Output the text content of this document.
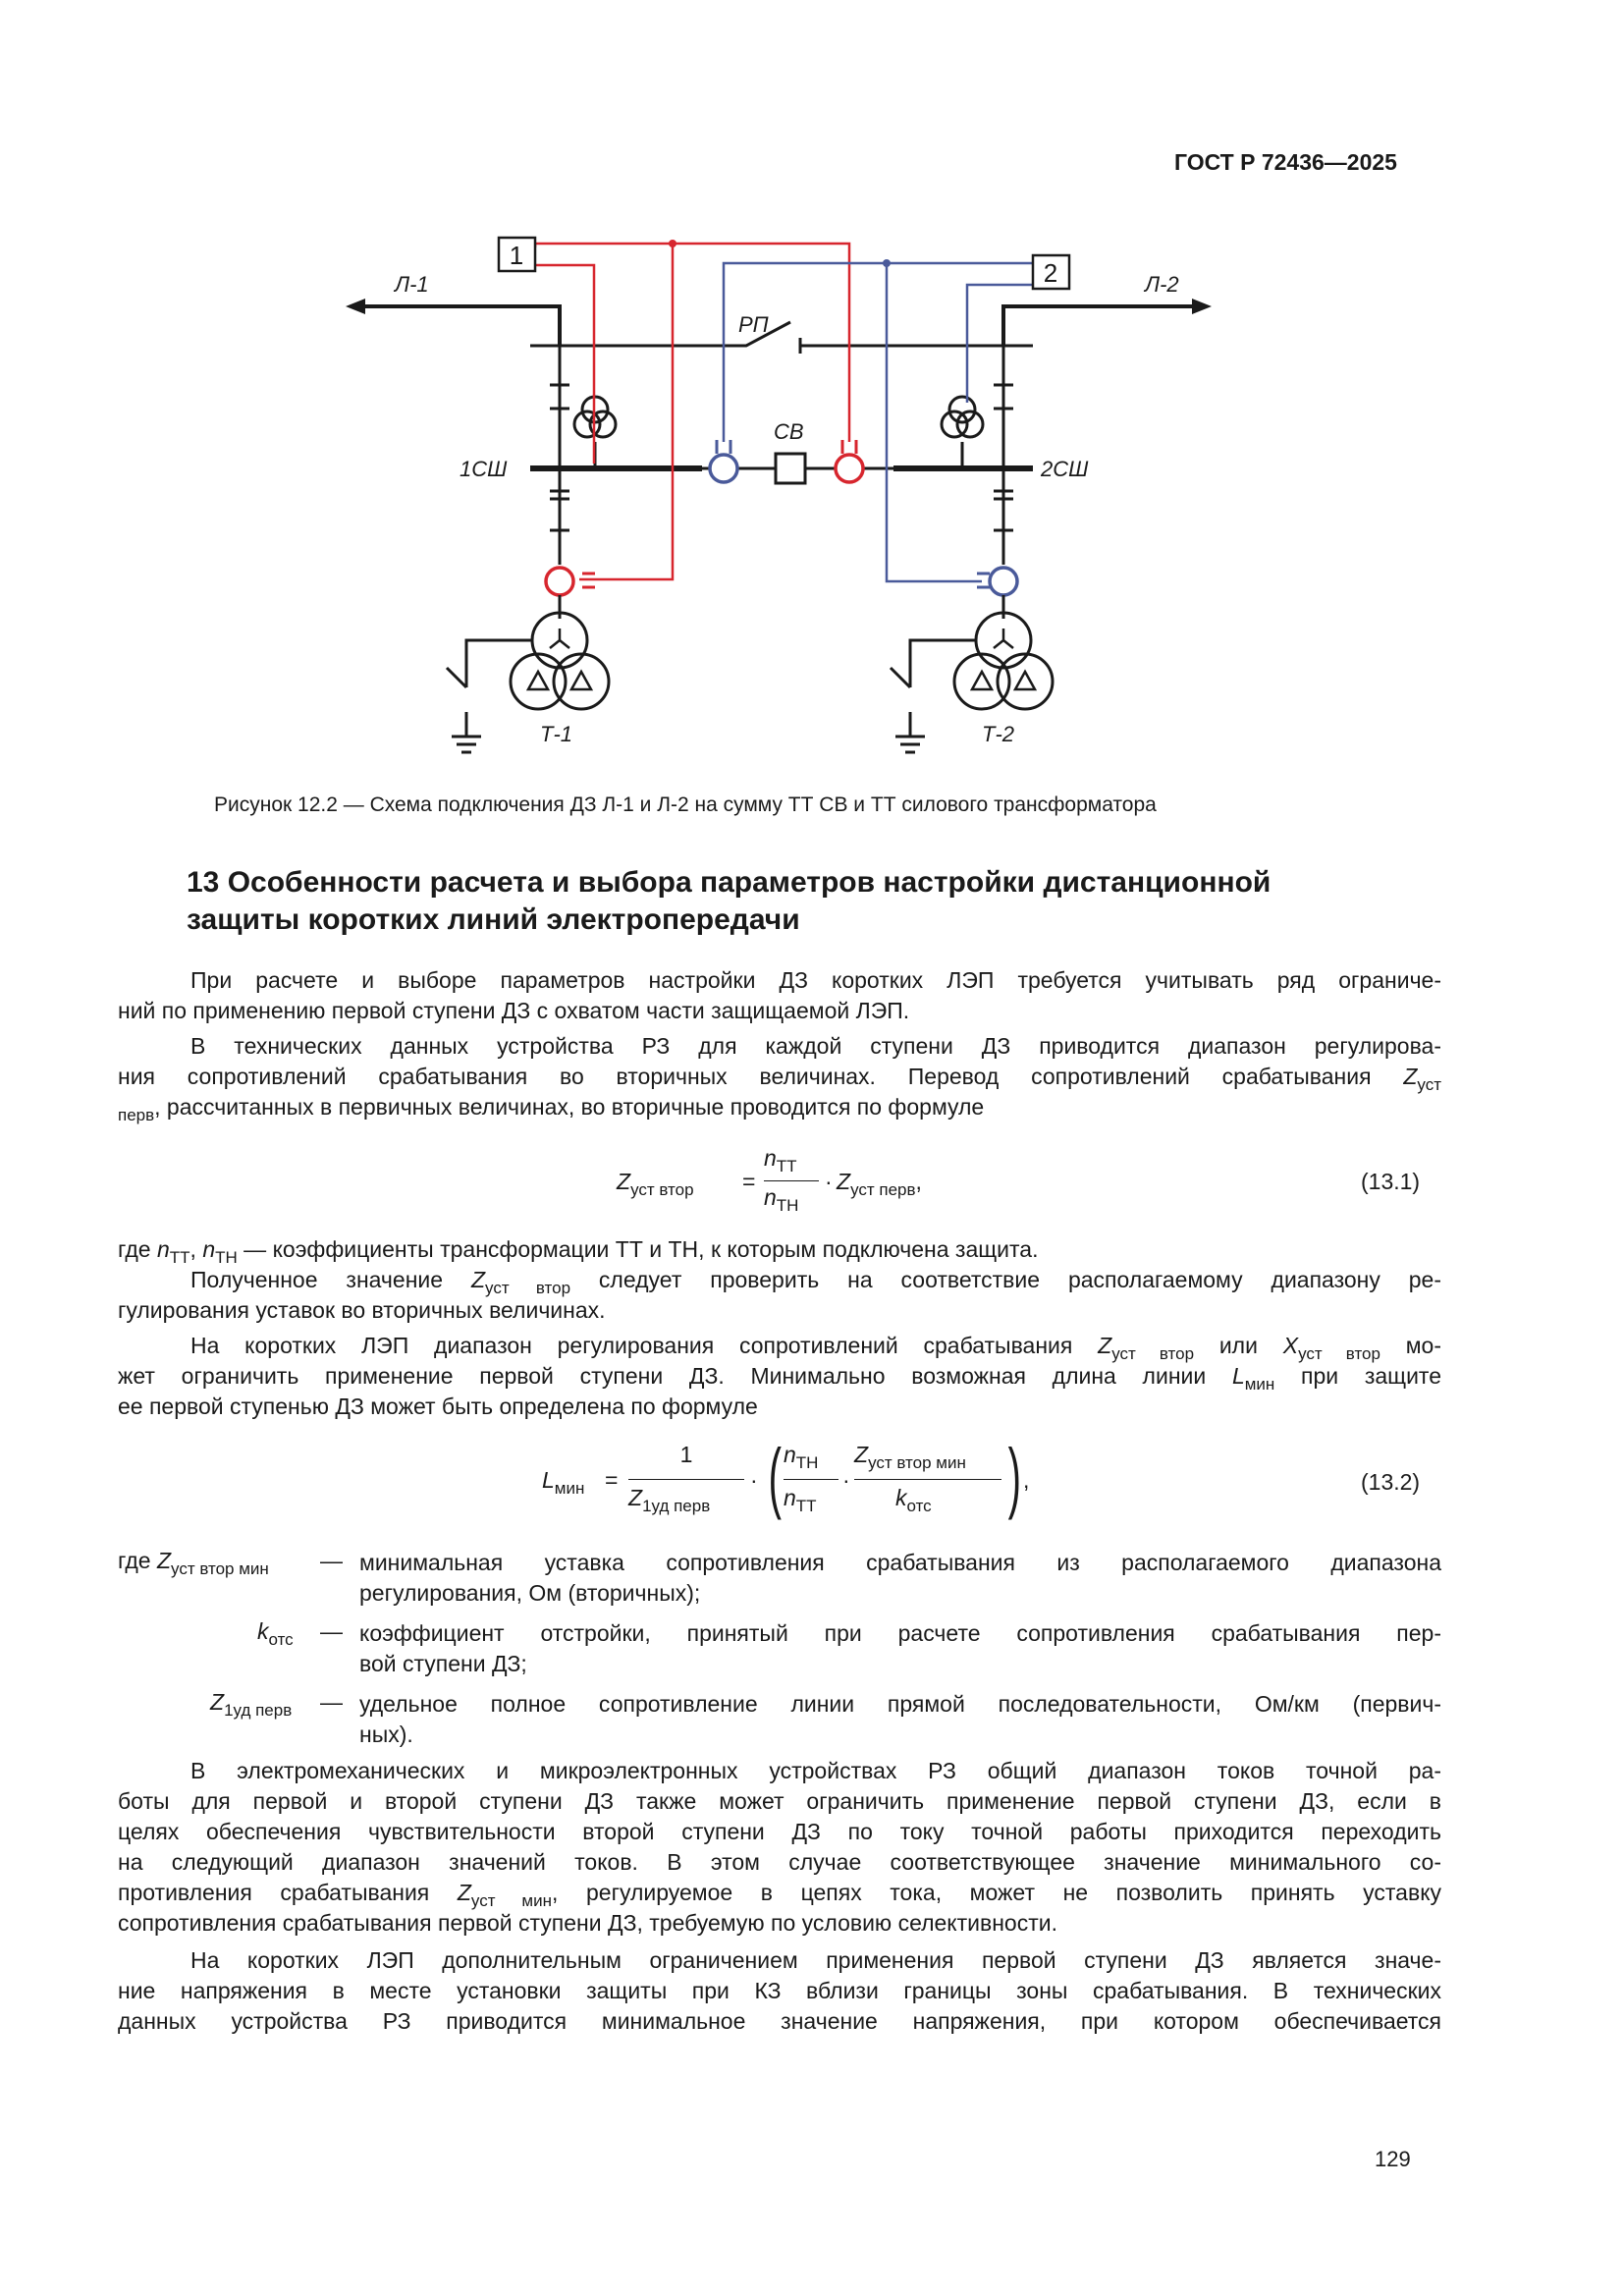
ГОСТ Р 72436—2025
1
2
Л-1	Л-2
РП
СВ
1СШ	2СШ
Т-1	Т-2
Рисунок 12.2 — Схема подключения ДЗ Л-1 и Л-2 на сумму ТТ СВ и ТТ силового трансформатора
13 Особенности расчета и выбора параметров настройки дистанционной
защиты коротких линий электропередачи
При расчете и выборе параметров настройки ДЗ коротких ЛЭП требуется учитывать ряд ограниче-
ний по применению первой ступени ДЗ с охватом части защищаемой ЛЭП.
В технических данных устройства РЗ для каждой ступени ДЗ приводится диапазон регулирова-
ния сопротивлений срабатывания во вторичных величинах. Перевод сопротивлений срабатывания $Z_{уст}$
$_{перв}$, рассчитанных в первичных величинах, во вторичные проводится по формуле
$Z_{уст втор}$ =
$n_{ТТ}$
$n_{ТН}$
· $Z_{уст перв}$,	(13.1)
где $n_{ТТ}$, $n_{ТН}$ — коэффициенты трансформации ТТ и ТН, к которым подключена защита.
Полученное значение $Z_{уст втор}$ следует проверить на соответствие располагаемому диапазону ре-
гулирования уставок во вторичных величинах.
На коротких ЛЭП диапазон регулирования сопротивлений срабатывания $Z_{уст втор}$ или $X_{уст втор}$ мо-
жет ограничить применение первой ступени ДЗ. Минимально возможная длина линии $L_{мин}$ при защите
ее первой ступенью ДЗ может быть определена по формуле
$L_{мин}$ =
1
$Z_{1уд перв}$
· ( $n_{ТН}$
$n_{ТТ}$
·
$Z_{уст втор мин}$
$k_{отс}$ ) ,	(13.2)
где $Z_{уст втор мин}$ — минимальная уставка сопротивления срабатывания из располагаемого диапазона
регулирования, Ом (вторичных);
$k_{отс}$ — коэффициент отстройки, принятый при расчете сопротивления срабатывания пер-
вой ступени ДЗ;
$Z_{1уд перв}$ — удельное полное сопротивление линии прямой последовательности, Ом/км (первич-
ных).
В электромеханических и микроэлектронных устройствах РЗ общий диапазон токов точной ра-
боты для первой и второй ступени ДЗ также может ограничить применение первой ступени ДЗ, если в
целях обеспечения чувствительности второй ступени ДЗ по току точной работы приходится переходить
на следующий диапазон значений токов. В этом случае соответствующее значение минимального со-
противления срабатывания $Z_{уст мин}$, регулируемое в цепях тока, может не позволить принять уставку
сопротивления срабатывания первой ступени ДЗ, требуемую по условию селективности.
На коротких ЛЭП дополнительным ограничением применения первой ступени ДЗ является значе-
ние напряжения в месте установки защиты при КЗ вблизи границы зоны срабатывания. В технических
данных устройства РЗ приводится минимальное значение напряжения, при котором обеспечивается
129
